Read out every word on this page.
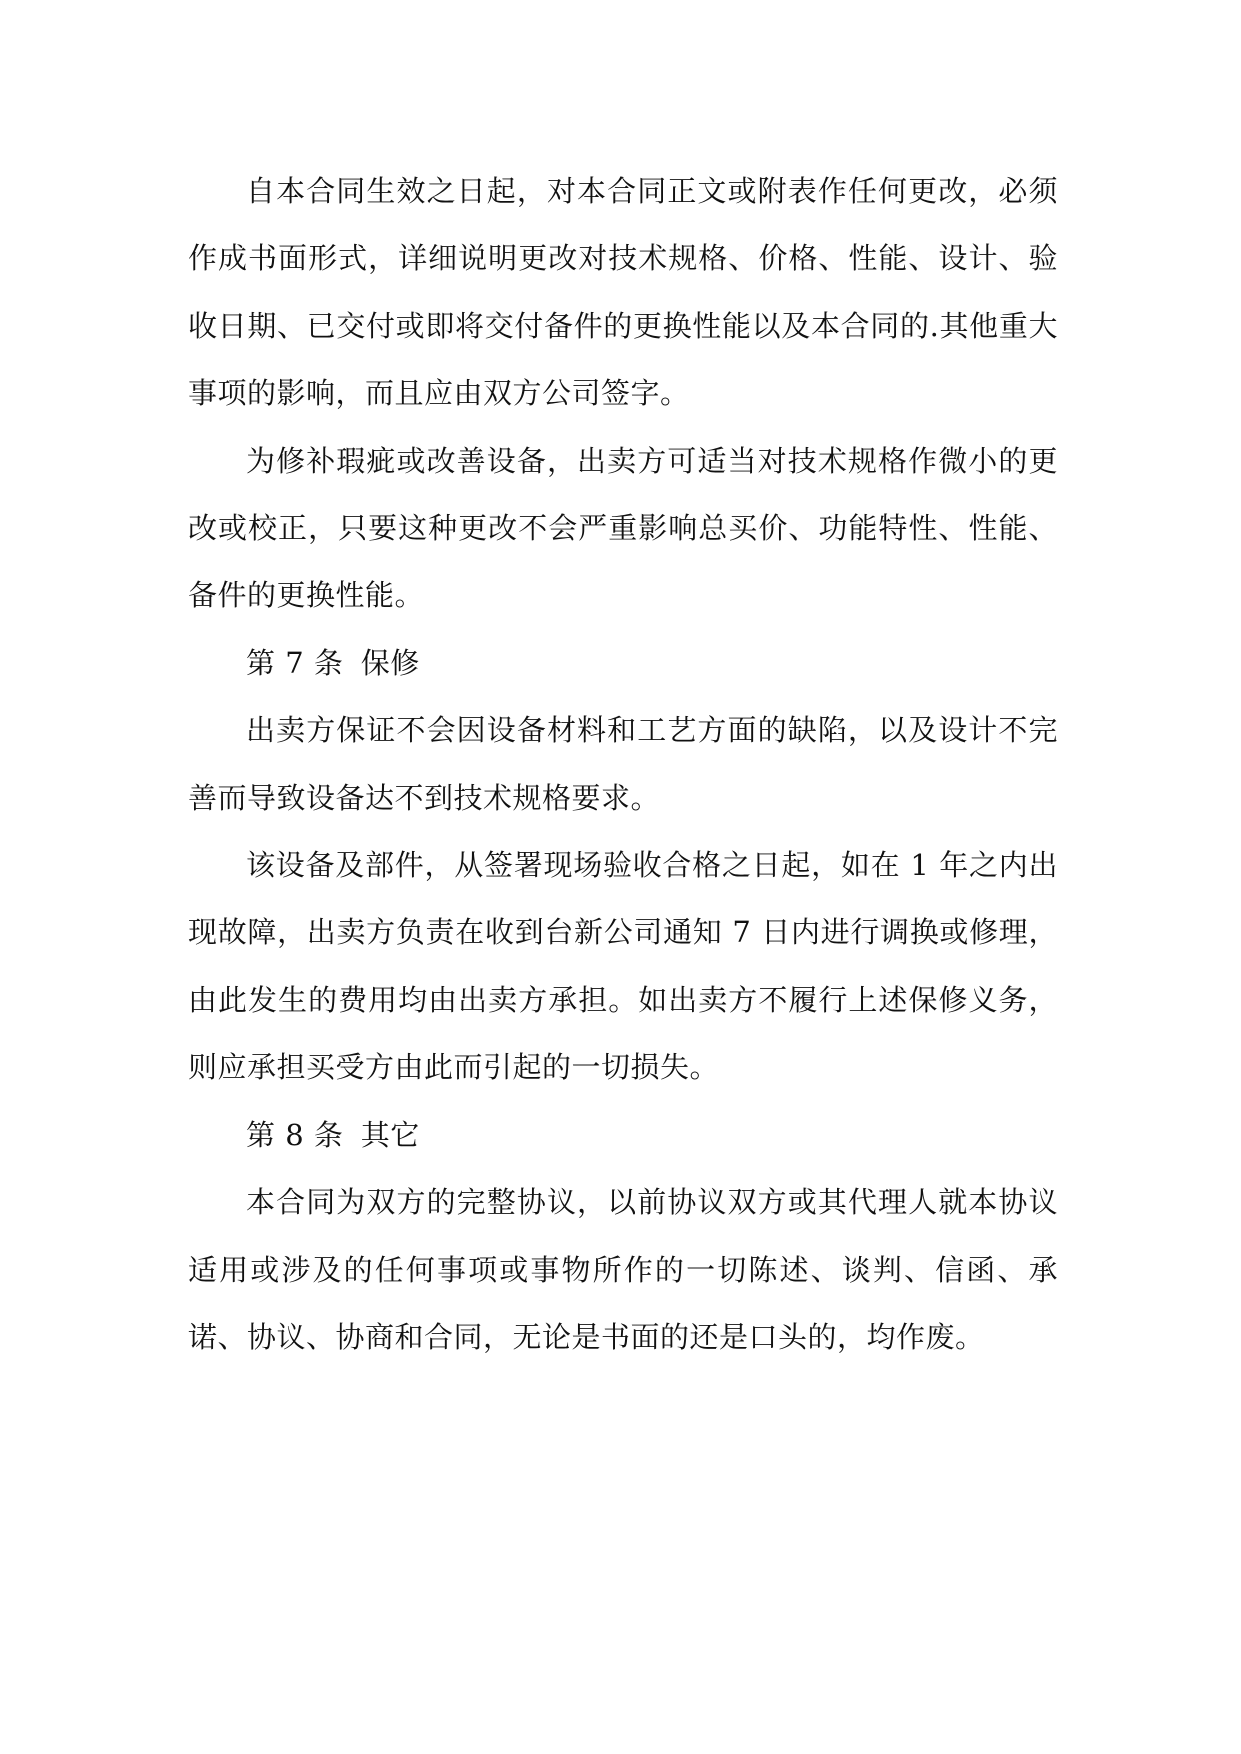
自本合同生效之日起，对本合同正文或附表作任何更改，必须作成书面形式，详细说明更改对技术规格、价格、性能、设计、验收日期、已交付或即将交付备件的更换性能以及本合同的.其他重大事项的影响，而且应由双方公司签字。

为修补瑕疵或改善设备，出卖方可适当对技术规格作微小的更改或校正，只要这种更改不会严重影响总买价、功能特性、性能、备件的更换性能。

第 7 条 保修

出卖方保证不会因设备材料和工艺方面的缺陷，以及设计不完善而导致设备达不到技术规格要求。

该设备及部件，从签署现场验收合格之日起，如在 1 年之内出现故障，出卖方负责在收到台新公司通知 7 日内进行调换或修理，由此发生的费用均由出卖方承担。如出卖方不履行上述保修义务，则应承担买受方由此而引起的一切损失。

第 8 条 其它

本合同为双方的完整协议，以前协议双方或其代理人就本协议适用或涉及的任何事项或事物所作的一切陈述、谈判、信函、承诺、协议、协商和合同，无论是书面的还是口头的，均作废。
